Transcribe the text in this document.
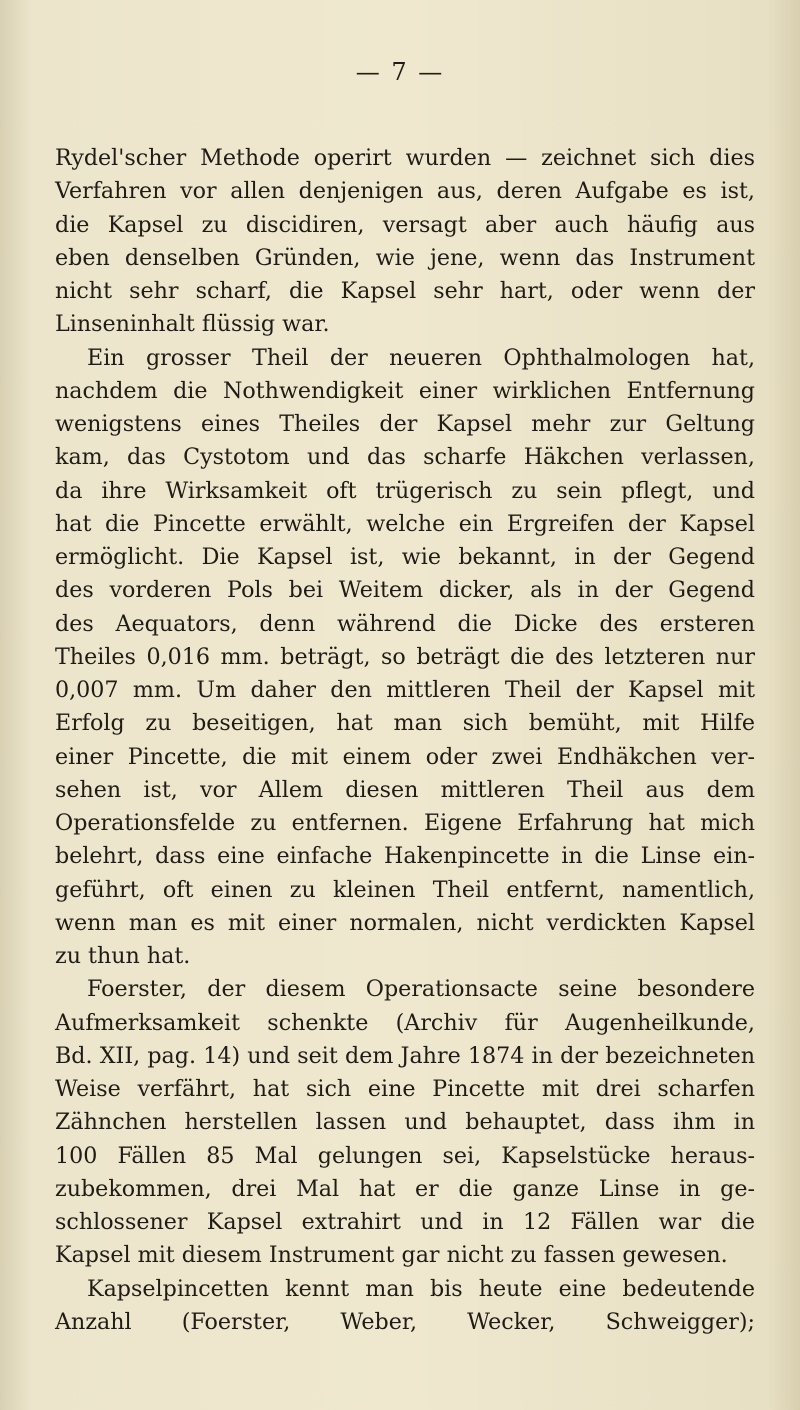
— 7 —
Rydel'scher Methode operirt wurden — zeichnet sich dies
Verfahren vor allen denjenigen aus, deren Aufgabe es ist,
die Kapsel zu discidiren, versagt aber auch häufig aus
eben denselben Gründen, wie jene, wenn das Instrument
nicht sehr scharf, die Kapsel sehr hart, oder wenn der
Linseninhalt flüssig war.
Ein grosser Theil der neueren Ophthalmologen hat,
nachdem die Nothwendigkeit einer wirklichen Entfernung
wenigstens eines Theiles der Kapsel mehr zur Geltung
kam, das Cystotom und das scharfe Häkchen verlassen,
da ihre Wirksamkeit oft trügerisch zu sein pflegt, und
hat die Pincette erwählt, welche ein Ergreifen der Kapsel
ermöglicht. Die Kapsel ist, wie bekannt, in der Gegend
des vorderen Pols bei Weitem dicker, als in der Gegend
des Aequators, denn während die Dicke des ersteren
Theiles 0,016 mm. beträgt, so beträgt die des letzteren nur
0,007 mm. Um daher den mittleren Theil der Kapsel mit
Erfolg zu beseitigen, hat man sich bemüht, mit Hilfe
einer Pincette, die mit einem oder zwei Endhäkchen ver-
sehen ist, vor Allem diesen mittleren Theil aus dem
Operationsfelde zu entfernen. Eigene Erfahrung hat mich
belehrt, dass eine einfache Hakenpincette in die Linse ein-
geführt, oft einen zu kleinen Theil entfernt, namentlich,
wenn man es mit einer normalen, nicht verdickten Kapsel
zu thun hat.
Foerster, der diesem Operationsacte seine besondere
Aufmerksamkeit schenkte (Archiv für Augenheilkunde,
Bd. XII, pag. 14) und seit dem Jahre 1874 in der bezeichneten
Weise verfährt, hat sich eine Pincette mit drei scharfen
Zähnchen herstellen lassen und behauptet, dass ihm in
100 Fällen 85 Mal gelungen sei, Kapselstücke heraus-
zubekommen, drei Mal hat er die ganze Linse in ge-
schlossener Kapsel extrahirt und in 12 Fällen war die
Kapsel mit diesem Instrument gar nicht zu fassen gewesen.
Kapselpincetten kennt man bis heute eine bedeutende
Anzahl (Foerster, Weber, Wecker, Schweigger);
